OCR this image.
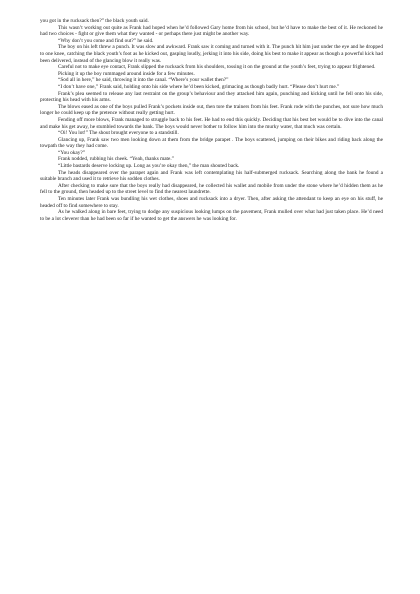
you got in the rucksack then?” the black youth said.

This wasn’t working out quite as Frank had hoped when he’d followed Gary home from his school, but he’d have to make the best of it. He reckoned he had two choices - fight or give them what they wanted - or perhaps there just might be another way.

“Why don’t you come and find out?” he said.

The boy on his left threw a punch. It was slow and awkward. Frank saw it coming and turned with it. The punch hit him just under the eye and he dropped to one knee, catching the black youth’s foot as he kicked out, gasping loudly, jerking it into his side, doing his best to make it appear as though a powerful kick had been delivered, instead of the glancing blow it really was.

Careful not to make eye contact, Frank slipped the rucksack from his shoulders, tossing it on the ground at the youth’s feet, trying to appear frightened.

Picking it up the boy rummaged around inside for a few minutes.

“Sod all in here,” he said, throwing it into the canal. “Where’s your wallet then?”

“I don’t have one,” Frank said, holding onto his side where he’d been kicked, grimacing as though badly hurt. “Please don’t hurt me.”

Frank’s plea seemed to release any last restraint on the group’s behaviour and they attacked him again, punching and kicking until he fell onto his side, protecting his head with his arms.

The blows eased as one of the boys pulled Frank’s pockets inside out, then tore the trainers from his feet. Frank rode with the punches, not sure how much longer he could keep up the pretence without really getting hurt.

Fending off more blows, Frank managed to struggle back to his feet. He had to end this quickly. Deciding that his best bet would be to dive into the canal and make his get away, he stumbled towards the bank. The boys would never bother to follow him into the murky water, that much was certain.

“Oi! You lot!” The shout brought everyone to a standstill.

Glancing up, Frank saw two men looking down at them from the bridge parapet . The boys scattered, jumping on their bikes and riding back along the towpath the way they had come.

“You okay?”

Frank nodded, rubbing his cheek. “Yeah, thanks mate.”

“Little bastards deserve locking up. Long as you’re okay then,” the man shouted back.

The heads disappeared over the parapet again and Frank was left contemplating his half-submerged rucksack. Searching along the bank he found a suitable branch and used it to retrieve his sodden clothes.

After checking to make sure that the boys really had disappeared, he collected his wallet and mobile from under the stone where he’d hidden them as he fell to the ground, then headed up to the street level to find the nearest laundrette.

Ten minutes later Frank was bundling his wet clothes, shoes and rucksack into a dryer. Then, after asking the attendant to keep an eye on his stuff, he headed off to find somewhere to stay.

As he walked along in bare feet, trying to dodge any suspicious looking lumps on the pavement, Frank mulled over what had just taken place. He’d need to be a lot cleverer than he had been so far if he wanted to get the answers he was looking for.
